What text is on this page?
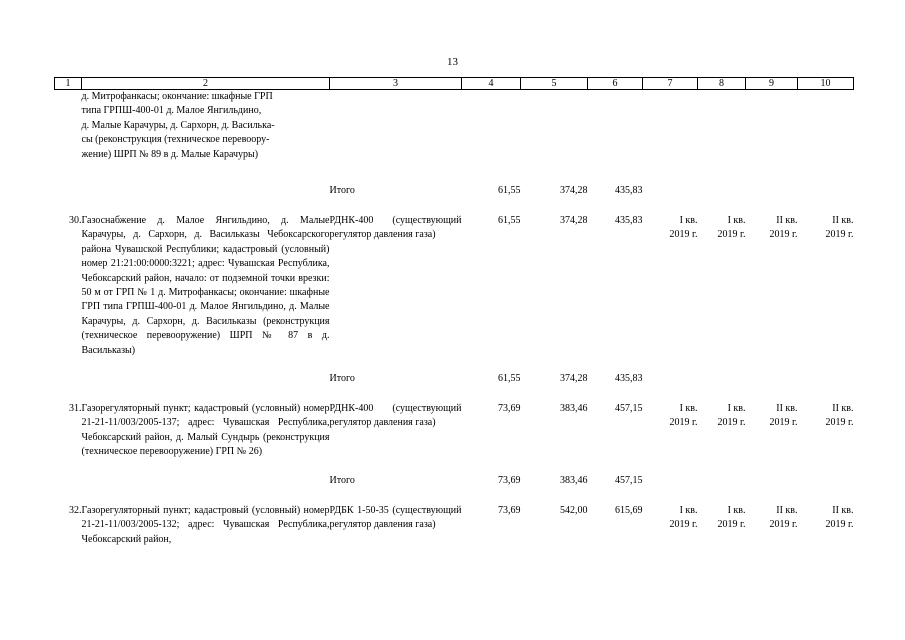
13
1	2	3	4	5	6	7	8	9	10

	д. Митрофанкасы; окончание: шкафные ГРП
типа ГРПШ-400-01 д. Малое Янгильдино,
д. Малые Карачуры, д. Сархорн, д. Василька-
сы (реконструкция (техническое перевоору-
жение) ШРП № 89 в д. Малые Карачуры)								

		Итого	61,55	374,28	435,83				
30.	Газоснабжение д. Малое Янгильдино, д. Малые Карачуры, д. Сархорн, д. Васильказы Чебоксарского района Чувашской Республики; кадастровый (условный) номер 21:21:00:0000:3221; адрес: Чувашская Республика, Чебоксарский район, начало: от подземной точки врезки: 50 м от ГРП № 1 д. Митрофанкасы; окончание: шкафные ГРП типа ГРПШ-400-01 д. Малое Янгильдино, д. Малые Карачуры, д. Сархорн, д. Васильказы (реконструкция (техническое перевооружение) ШРП № 87 в д. Васильказы)	РДНК-400 (существующий регулятор давления газа)	61,55	374,28	435,83	I кв.
2019 г.	I кв.
2019 г.	II кв.
2019 г.	II кв.
2019 г.

		Итого	61,55	374,28	435,83				
31.	Газорегуляторный пункт; кадастровый (условный) номер 21-21-11/003/2005-137; адрес: Чувашская Республика, Чебоксарский район, д. Малый Сундырь (реконструкция (техническое перевооружение) ГРП № 26)	РДНК-400 (существующий регулятор давления газа)	73,69	383,46	457,15	I кв.
2019 г.	I кв.
2019 г.	II кв.
2019 г.	II кв.
2019 г.

		Итого	73,69	383,46	457,15				
32.	Газорегуляторный пункт; кадастровый (условный) номер 21-21-11/003/2005-132; адрес: Чувашская Республика, Чебоксарский район,	РДБК 1-50-35 (существующий регулятор давления газа)	73,69	542,00	615,69	I кв.
2019 г.	I кв.
2019 г.	II кв.
2019 г.	II кв.
2019 г.
